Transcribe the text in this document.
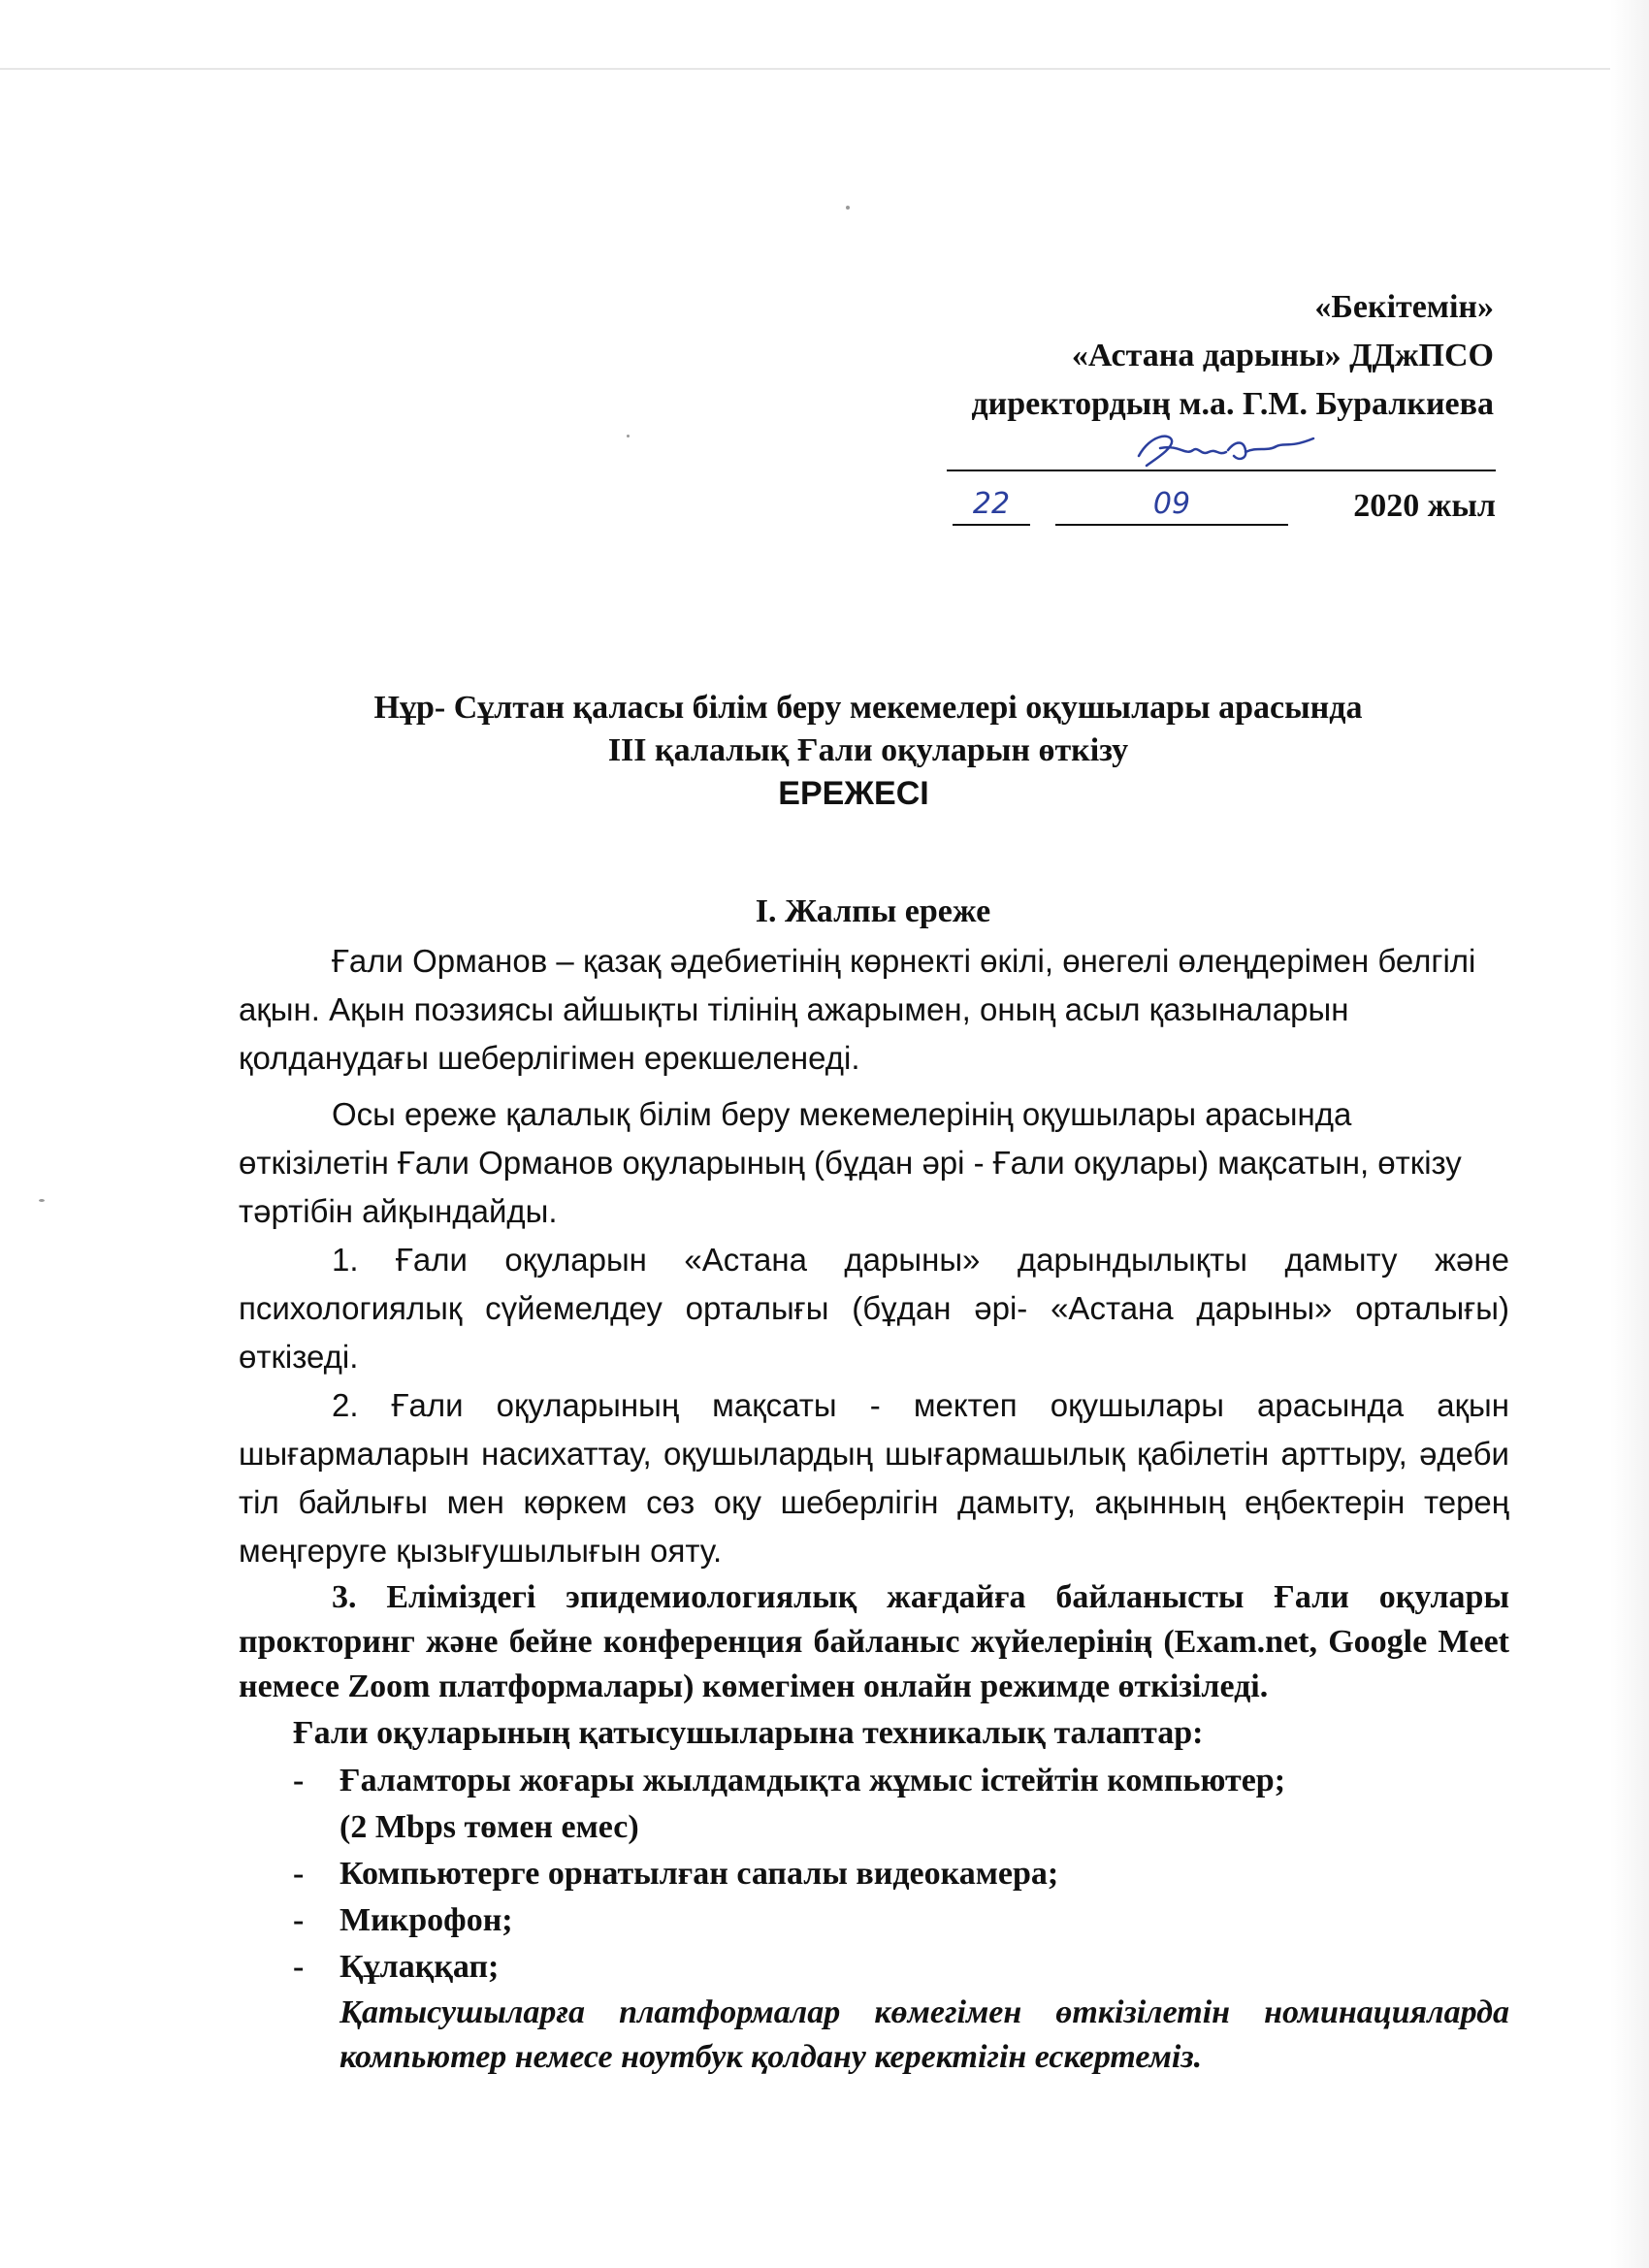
«Бекітемін»
«Астана дарыны» ДДжПСО
директордың м.а. Г.М. Буралкиева
22	09	2020 жыл
Нұр- Сұлтан қаласы білім беру мекемелері оқушылары арасында
ІІІ қалалық Ғали оқуларын өткізу
ЕРЕЖЕСІ
І. Жалпы ереже

Ғали Орманов – қазақ әдебиетінің көрнекті өкілі, өнегелі өлеңдерімен белгілі ақын. Ақын поэзиясы айшықты тілінің ажарымен, оның асыл қазыналарын қолданудағы шеберлігімен ерекшеленеді.

Осы ереже қалалық білім беру мекемелерінің оқушылары арасында өткізілетін Ғали Орманов оқуларының (бұдан әрі - Ғали оқулары) мақсатын, өткізу тәртібін айқындайды.

1. Ғали оқуларын «Астана дарыны» дарындылықты дамыту және психологиялық сүйемелдеу орталығы (бұдан әрі- «Астана дарыны» орталығы) өткізеді.

2. Ғали оқуларының мақсаты - мектеп оқушылары арасында ақын шығармаларын насихаттау, оқушылардың шығармашылық қабілетін арттыру, әдеби тіл байлығы мен көркем сөз оқу шеберлігін дамыту, ақынның еңбектерін терең меңгеруге қызығушылығын ояту.

3. Еліміздегі эпидемиологиялық жағдайға байланысты Ғали оқулары прокторинг және бейне конференция байланыс жүйелерінің (Exam.net, Google Meet немесе Zoom платформалары) көмегімен онлайн режимде өткізіледі.

Ғали оқуларының қатысушыларына техникалық талаптар:

- Ғаламторы жоғары жылдамдықта жұмыс істейтін компьютер;
(2 Mbps төмен емес)
- Компьютерге орнатылған сапалы видеокамера;
- Микрофон;
- Құлаққап;

Қатысушыларға платформалар көмегімен өткізілетін номинацияларда компьютер немесе ноутбук қолдану керектігін ескертеміз.
